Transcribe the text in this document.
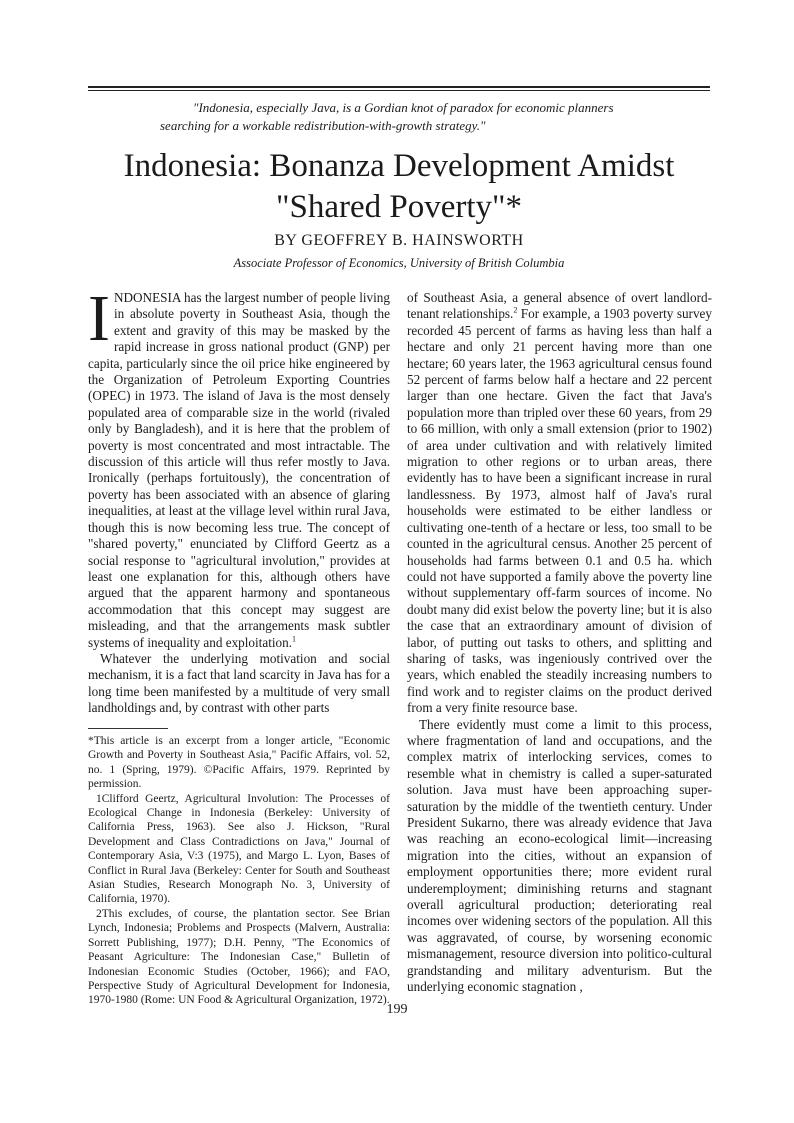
"Indonesia, especially Java, is a Gordian knot of paradox for economic planners
searching for a workable redistribution-with-growth strategy."
Indonesia: Bonanza Development Amidst
"Shared Poverty"*
BY GEOFFREY B. HAINSWORTH
Associate Professor of Economics, University of British Columbia

INDONESIA has the largest number of people living in absolute poverty in Southeast Asia, though the extent and gravity of this may be masked by the rapid increase in gross national product (GNP) per capita, particularly since the oil price hike engineered by the Organization of Petroleum Exporting Countries (OPEC) in 1973. The island of Java is the most densely populated area of comparable size in the world (rivaled only by Bangladesh), and it is here that the problem of poverty is most concentrated and most intractable. The discussion of this article will thus refer mostly to Java. Ironically (perhaps fortuitously), the concentration of poverty has been associated with an absence of glaring inequalities, at least at the village level within rural Java, though this is now becoming less true. The concept of "shared poverty," enunciated by Clifford Geertz as a social response to "agricultural involution," provides at least one explanation for this, although others have argued that the apparent harmony and spontaneous accommodation that this concept may suggest are misleading, and that the arrangements mask subtler systems of inequality and exploitation.$^1$

Whatever the underlying motivation and social mechanism, it is a fact that land scarcity in Java has for a long time been manifested by a multitude of very small landholdings and, by contrast with other parts

*This article is an excerpt from a longer article, "Economic Growth and Poverty in Southeast Asia," Pacific Affairs, vol. 52, no. 1 (Spring, 1979). ©Pacific Affairs, 1979. Reprinted by permission.

1Clifford Geertz, Agricultural Involution: The Processes of Ecological Change in Indonesia (Berkeley: University of California Press, 1963). See also J. Hickson, "Rural Development and Class Contradictions on Java," Journal of Contemporary Asia, V:3 (1975), and Margo L. Lyon, Bases of Conflict in Rural Java (Berkeley: Center for South and Southeast Asian Studies, Research Monograph No. 3, University of California, 1970).

2This excludes, of course, the plantation sector. See Brian Lynch, Indonesia; Problems and Prospects (Malvern, Australia: Sorrett Publishing, 1977); D.H. Penny, "The Economics of Peasant Agriculture: The Indonesian Case," Bulletin of Indonesian Economic Studies (October, 1966); and FAO, Perspective Study of Agricultural Development for Indonesia, 1970-1980 (Rome: UN Food & Agricultural Organization, 1972).

of Southeast Asia, a general absence of overt landlord-tenant relationships.$^2$ For example, a 1903 poverty survey recorded 45 percent of farms as having less than half a hectare and only 21 percent having more than one hectare; 60 years later, the 1963 agricultural census found 52 percent of farms below half a hectare and 22 percent larger than one hectare. Given the fact that Java's population more than tripled over these 60 years, from 29 to 66 million, with only a small extension (prior to 1902) of area under cultivation and with relatively limited migration to other regions or to urban areas, there evidently has to have been a significant increase in rural landlessness. By 1973, almost half of Java's rural households were estimated to be either landless or cultivating one-tenth of a hectare or less, too small to be counted in the agricultural census. Another 25 percent of households had farms between 0.1 and 0.5 ha. which could not have supported a family above the poverty line without supplementary off-farm sources of income. No doubt many did exist below the poverty line; but it is also the case that an extraordinary amount of division of labor, of putting out tasks to others, and splitting and sharing of tasks, was ingeniously contrived over the years, which enabled the steadily increasing numbers to find work and to register claims on the product derived from a very finite resource base.

There evidently must come a limit to this process, where fragmentation of land and occupations, and the complex matrix of interlocking services, comes to resemble what in chemistry is called a super-saturated solution. Java must have been approaching super-saturation by the middle of the twentieth century. Under President Sukarno, there was already evidence that Java was reaching an econo-ecological limit—increasing migration into the cities, without an expansion of employment opportunities there; more evident rural underemployment; diminishing returns and stagnant overall agricultural production; deteriorating real incomes over widening sectors of the population. All this was aggravated, of course, by worsening economic mismanagement, resource diversion into politico-cultural grandstanding and military adventurism. But the underlying economic stagnation ,

199
